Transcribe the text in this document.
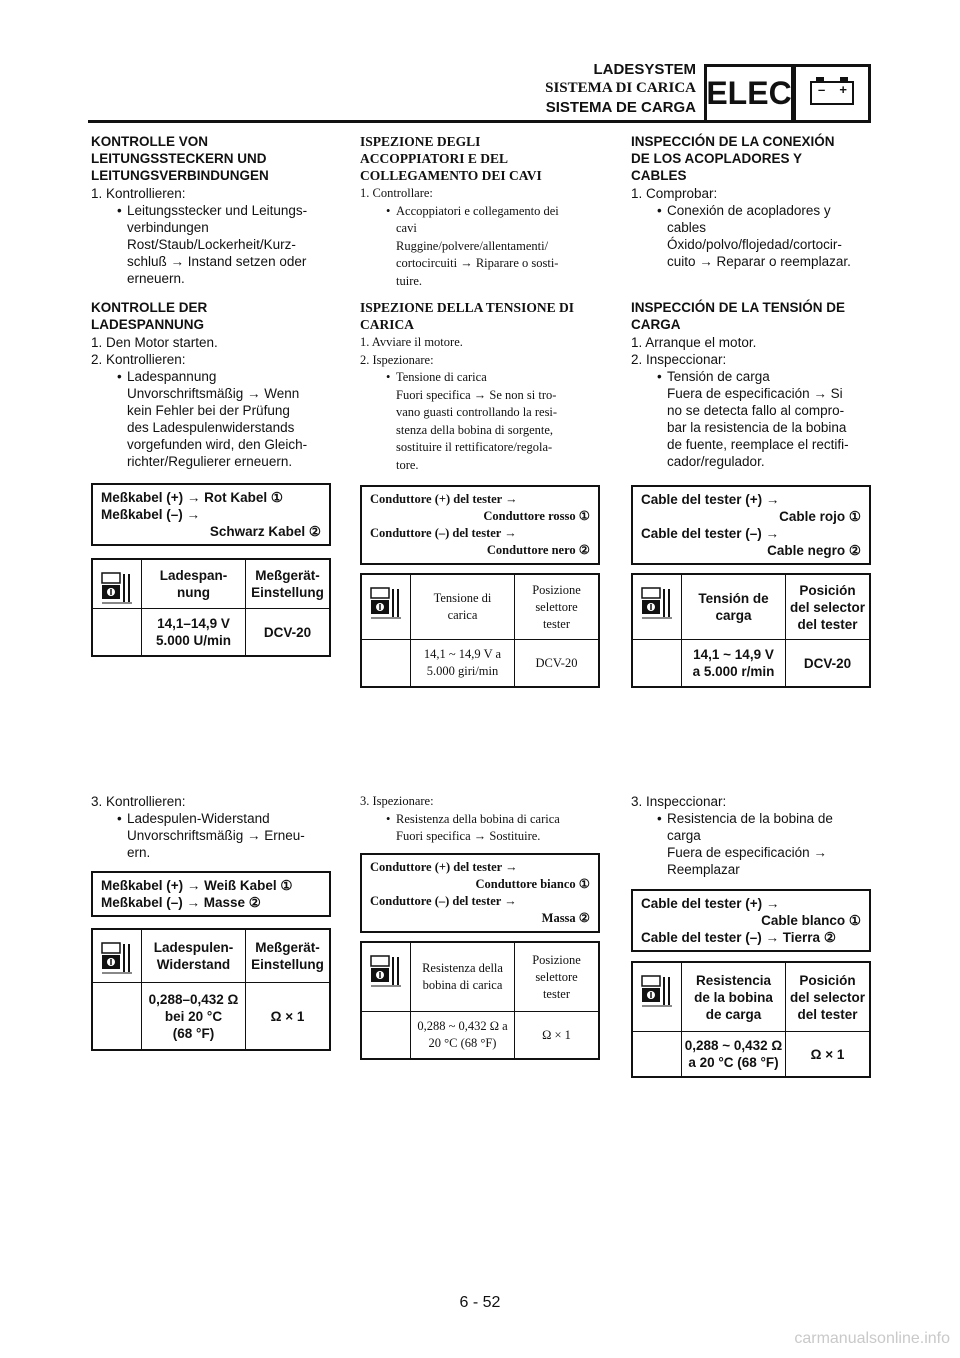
LADESYSTEM
SISTEMA DI CARICA
SISTEMA DE CARGA ELEC – +

KONTROLLE VON
LEITUNGSSTECKERN UND
LEITUNGSVERBINDUNGEN

1. Kontrollieren:

• Leitungsstecker und Leitungs-

verbindungen

Rost/Staub/Lockerheit/Kurz-

schluß → Instand setzen oder

erneuern.

KONTROLLE DER
LADESPANNUNG

1. Den Motor starten.

2. Kontrollieren:

• Ladespannung

Unvorschriftsmäßig → Wenn

kein Fehler bei der Prüfung

des Ladespulenwiderstands

vorgefunden wird, den Gleich-

richter/Regulierer erneuern.

Meßkabel (+) → Rot Kabel ①
Meßkabel (–) →
Schwarz Kabel ②
Ladespan-
nung
Meßgerät-
Einstellung
14,1–14,9 V
5.000 U/min
DCV-20

3. Kontrollieren:

• Ladespulen-Widerstand

Unvorschriftsmäßig → Erneu-

ern.

Meßkabel (+) → Weiß Kabel ①
Meßkabel (–) → Masse ②
Ladespulen-
Widerstand
Meßgerät-
Einstellung
0,288–0,432 Ω
bei 20 °C
(68 °F)
Ω × 1

ISPEZIONE DEGLI
ACCOPPIATORI E DEL
COLLEGAMENTO DEI CAVI

1. Controllare:

• Accoppiatori e collegamento dei

cavi

Ruggine/polvere/allentamenti/

cortocircuiti → Riparare o sosti-

tuire.

ISPEZIONE DELLA TENSIONE DI
CARICA

1. Avviare il motore.

2. Ispezionare:

• Tensione di carica

Fuori specifica → Se non si tro-

vano guasti controllando la resi-

stenza della bobina di sorgente,

sostituire il rettificatore/regola-

tore.

Conduttore (+) del tester →
Conduttore rosso ①
Conduttore (–) del tester →
Conduttore nero ②
Tensione di
carica
Posizione
selettore
tester
14,1 ~ 14,9 V a
5.000 giri/min
DCV-20

3. Ispezionare:

• Resistenza della bobina di carica

Fuori specifica → Sostituire.

Conduttore (+) del tester →
Conduttore bianco ①
Conduttore (–) del tester →
Massa ②
Resistenza della
bobina di carica
Posizione
selettore
tester
0,288 ~ 0,432 Ω a
20 °C (68 °F)
Ω × 1

INSPECCIÓN DE LA CONEXIÓN
DE LOS ACOPLADORES Y
CABLES

1. Comprobar:

• Conexión de acopladores y

cables

Óxido/polvo/flojedad/cortocir-

cuito → Reparar o reemplazar.

INSPECCIÓN DE LA TENSIÓN DE
CARGA

1. Arranque el motor.

2. Inspeccionar:

• Tensión de carga

Fuera de especificación → Si

no se detecta fallo al compro-

bar la resistencia de la bobina

de fuente, reemplace el rectifi-

cador/regulador.

Cable del tester (+) →
Cable rojo ①
Cable del tester (–) →
Cable negro ②
Tensión de
carga
Posición
del selector
del tester
14,1 ~ 14,9 V
a 5.000 r/min
DCV-20

3. Inspeccionar:

• Resistencia de la bobina de

carga

Fuera de especificación →

Reemplazar

Cable del tester (+) →
Cable blanco ①
Cable del tester (–) → Tierra ②
Resistencia
de la bobina
de carga
Posición
del selector
del tester
0,288 ~ 0,432 Ω
a 20 °C (68 °F)
Ω × 1
6 - 52
carmanualsonline.info
